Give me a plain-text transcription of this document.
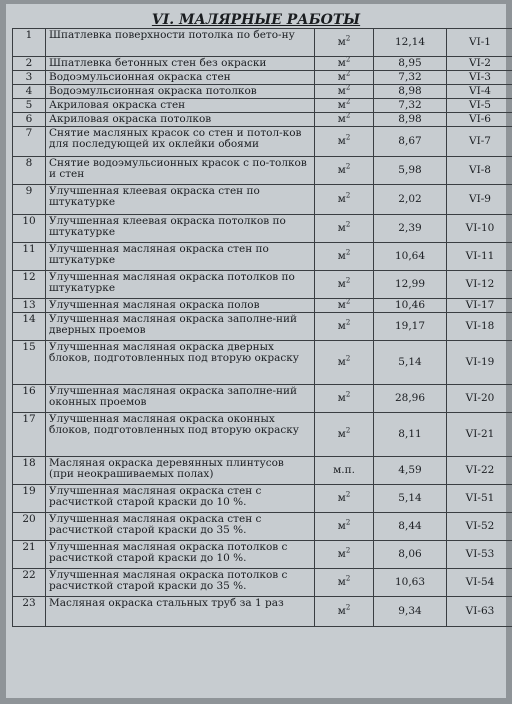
VI. МАЛЯРНЫЕ РАБОТЫ
1	Шпатлевка поверхности потолка по бето-ну	$м^2$	12,14	VI-1
2	Шпатлевка бетонных стен без окраски	$м^2$	8,95	VI-2
3	Водоэмульсионная окраска стен	$м^2$	7,32	VI-3
4	Водоэмульсионная окраска потолков	$м^2$	8,98	VI-4
5	Акриловая окраска стен	$м^2$	7,32	VI-5
6	Акриловая окраска потолков	$м^2$	8,98	VI-6
7	Снятие масляных красок со стен и потол-ков для последующей их оклейки обоями	$м^2$	8,67	VI-7
8	Снятие водоэмульсионных красок с по-толков и стен	$м^2$	5,98	VI-8
9	Улучшенная клеевая окраска стен по штукатурке	$м^2$	2,02	VI-9
10	Улучшенная клеевая окраска потолков по штукатурке	$м^2$	2,39	VI-10
11	Улучшенная масляная окраска стен по штукатурке	$м^2$	10,64	VI-11
12	Улучшенная масляная окраска потолков по штукатурке	$м^2$	12,99	VI-12
13	Улучшенная масляная окраска полов	$м^2$	10,46	VI-17
14	Улучшенная масляная окраска заполне-ний дверных проемов	$м^2$	19,17	VI-18
15	Улучшенная масляная окраска дверных блоков, подготовленных под вторую окраску	$м^2$	5,14	VI-19
16	Улучшенная масляная окраска заполне-ний оконных проемов	$м^2$	28,96	VI-20
17	Улучшенная масляная окраска оконных блоков, подготовленных под вторую окраску	$м^2$	8,11	VI-21
18	Масляная окраска деревянных плинтусов (при неокрашиваемых полах)	м.п.	4,59	VI-22
19	Улучшенная масляная окраска стен с расчисткой старой краски до 10 %.	$м^2$	5,14	VI-51
20	Улучшенная масляная окраска стен с расчисткой старой краски до 35 %.	$м^2$	8,44	VI-52
21	Улучшенная масляная окраска потолков с расчисткой старой краски до 10 %.	$м^2$	8,06	VI-53
22	Улучшенная масляная окраска потолков с расчисткой старой краски до 35 %.	$м^2$	10,63	VI-54
23	Масляная окраска стальных труб за 1 раз	$м^2$	9,34	VI-63
